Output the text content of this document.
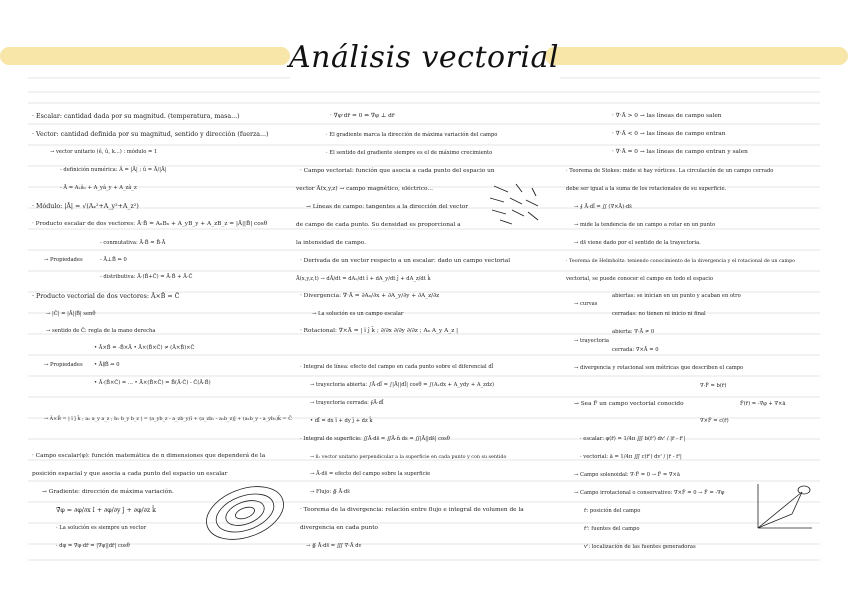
Análisis vectorial
· Escalar: cantidad dada por su magnitud. (temperatura, masa...)
· Vector: cantidad definida por su magnitud, sentido y dirección (fuerza...)
→ vector unitario (ê, û, k...) : módulo = 1
- definición numérica: Â = |Ā| ; û = Ā/|Ā|
- Ā = Aₓâₓ + A_yâ_y + A_zâ_z
· Módulo: |Ā| = √(Aₓ²+A_y²+A_z²)
· Producto escalar de dos vectores: Ā·B̄ = AₓBₓ + A_yB_y + A_zB_z = |Ā||B̄| cosθ
- conmutativa: Ā·B̄ = B̄·Ā
→ Propiedades	- Ā⊥B̄ ⇔ 0
- distributiva: Ā·(B̄+C̄) = Ā·B̄ + Ā·C̄
· Producto vectorial de dos vectores: Ā×B̄ = C̄
→ |C̄| = |Ā||B̄| senθ
→ sentido de C̄: regla de la mano derecha
• Ā×B̄ = -B̄×Ā • Ā×(B̄×C̄) ≠ (Ā×B̄)×C̄
→ Propiedades • Ā∥B̄ ⇔ 0
• Ā·(B̄×C̄) = ... • Ā×(B̄×C̄) = B̄(Ā·C̄) - C̄(Ā·B̄)
→ Ā×B̄ = | î ĵ k̂ ; aₓ a_y a_z ; bₓ b_y b_z | = (a_yb_z - a_zb_y)î + (a_zbₓ - aₓb_z)ĵ + (aₓb_y - a_ybₓ)k̂ = C̄
· Campo escalar(φ): función matemática de n dimensiones que dependerá de la
posición espacial y que asocia a cada punto del espacio un escalar
→ Gradiente: dirección de máxima variación.
∇̄φ = ∂φ/∂x î + ∂φ/∂y ĵ + ∂φ/∂z k̂
· La solución es siempre un vector
· dφ = ∇̄φ·dr̄ = |∇̄φ||dr̄| cosθ
· ∇̄φ·dr̄ = 0 ⇔ ∇̄φ ⊥ dr̄
· El gradiente marca la dirección de máxima variación del campo
· El sentido del gradiente siempre es el de máximo crecimiento
· Campo vectorial: función que asocia a cada punto del espacio un
vector Ā(x,y,z) → campo magnético, eléctrico...
→ Líneas de campo: tangentes a la dirección del vector
de campo de cada punto. Su densidad es proporcional a
la intensidad de campo.
· Derivada de un vector respecto a un escalar: dado un campo vectorial
Ā(x,y,z,t) → dĀ/dt = dAₓ/dt î + dA_y/dt ĵ + dA_z/dt k̂
· Divergencia: ∇̄·Ā = ∂Aₓ/∂x + ∂A_y/∂y + ∂A_z/∂z
→ La solución es un campo escalar
· Rotacional: ∇̄×Ā = | î ĵ k̂ ; ∂/∂x ∂/∂y ∂/∂z ; Aₓ A_y A_z |
· Integral de línea: efecto del campo en cada punto sobre el diferencial dl̄
→ trayectoria abierta: ∫Ā·dl̄ = ∫|Ā||dl̄| cosθ = ∫(Aₓdx + A_ydy + A_zdz)
→ trayectoria cerrada: ∮Ā·dl̄
• dl̄ = dx î + dy ĵ + dz k̂
· Integral de superficie: ∬Ā·ds̄ = ∬Ā·n̂ ds = ∬|Ā||ds̄| cosθ
→ n̂: vector unitario perpendicular a la superficie en cada punto y con su sentido
→ Ā·ds̄ = efecto del campo sobre la superficie
→ Flujo: ∯ Ā·ds̄
· Teorema de la divergencia: relación entre flujo e integral de volumen de la
divergencia en cada punto
→ ∯ Ā·ds̄ = ∭ ∇̄·Ā dv
· ∇̄·Ā > 0 → las líneas de campo salen
· ∇̄·Ā < 0 → las líneas de campo entran
· ∇̄·Ā = 0 → las líneas de campo entran y salen
· Teorema de Stokes: mide si hay vórtices. La circulación de un campo cerrado
debe ser igual a la suma de los rotacionales de su superficie.
→ ∮ Ā·dl̄ = ∬ (∇̄×Ā)·ds̄
→ mide la tendencia de un campo a rotar en un punto
→ ds̄ viene dado por el sentido de la trayectoria.
· Teorema de Helmholtz: teniendo conocimiento de la divergencia y el rotacional de un campo
vectorial, se puede conocer el campo en todo el espacio
abiertas: se inician en un punto y acaban en otro
→ curvas
cerradas: no tienen ni inicio ni final
abierta: ∇̄·Ā ≠ 0
→ trayectoria
cerrada: ∇̄×Ā = 0
→ divergencia y rotacional son métricas que describen el campo
∇̄·F̄ = b(r̄)
→ Sea F̄ un campo vectorial conocido	F̄(r̄) = -∇̄φ + ∇̄×ā
∇̄×F̄ = c(r̄)
· escalar: φ(r̄) = 1/4π ∭ b(r̄') dv' / |r̄ - r̄'|
· vectorial: ā = 1/4π ∭ c(r̄') dv' / |r̄ - r̄'|
→ Campo solenoidal: ∇̄·F̄ = 0 → F̄ = ∇̄×ā
→ Campo irrotacional o conservativo: ∇̄×F̄ = 0 → F̄ = -∇̄φ
r̄: posición del campo
r̄': fuentes del campo
v': localización de las fuentes generadoras
